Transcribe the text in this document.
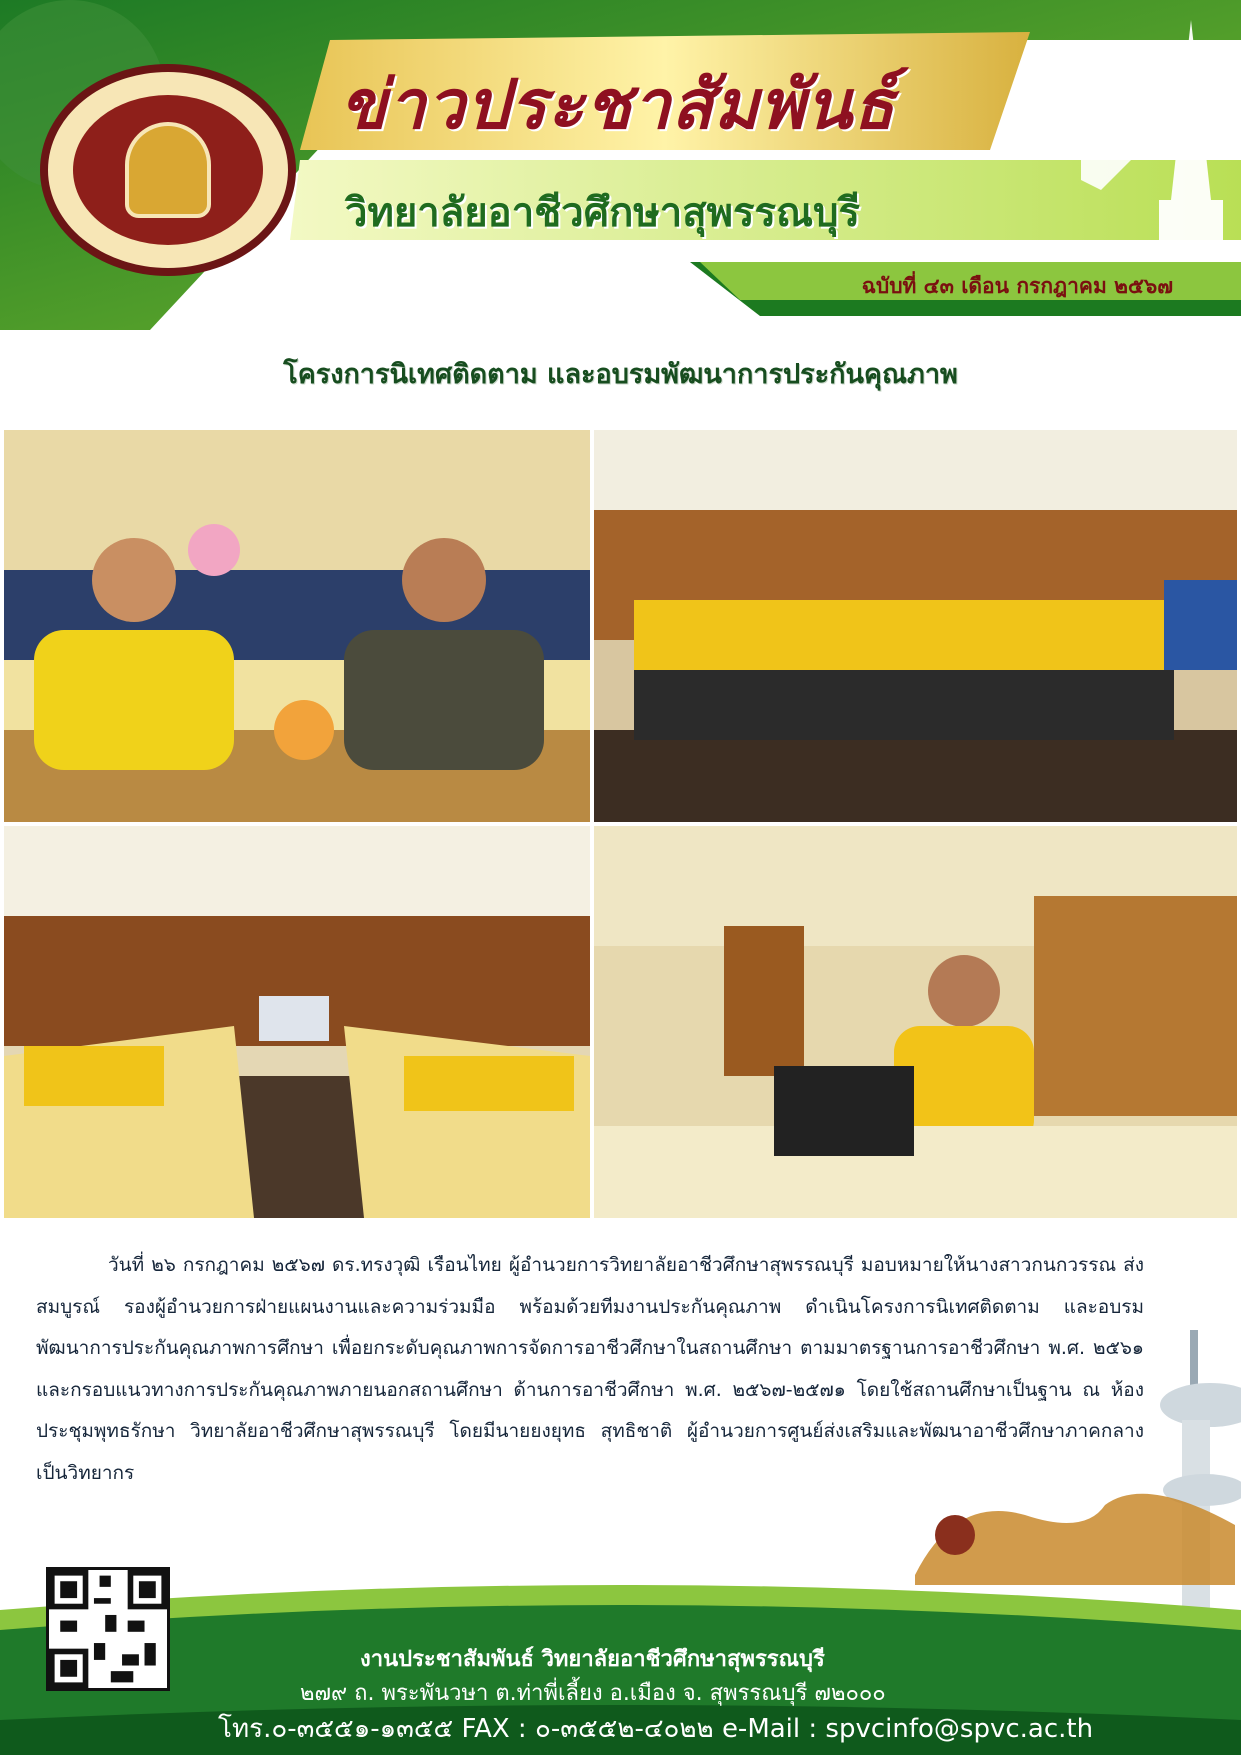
ข่าวประชาสัมพันธ์
วิทยาลัยอาชีวศึกษาสุพรรณบุรี
ฉบับที่ ๔๓ เดือน กรกฎาคม ๒๕๖๗
โครงการนิเทศติดตาม และอบรมพัฒนาการประกันคุณภาพ
วันที่ ๒๖ กรกฎาคม ๒๕๖๗ ดร.ทรงวุฒิ เรือนไทย ผู้อำนวยการวิทยาลัยอาชีวศึกษาสุพรรณบุรี มอบหมายให้นางสาวกนกวรรณ ส่งสมบูรณ์ รองผู้อำนวยการฝ่ายแผนงานและความร่วมมือ พร้อมด้วยทีมงานประกันคุณภาพ ดำเนินโครงการนิเทศติดตาม และอบรมพัฒนาการประกันคุณภาพการศึกษา เพื่อยกระดับคุณภาพการจัดการอาชีวศึกษาในสถานศึกษา ตามมาตรฐานการอาชีวศึกษา พ.ศ. ๒๕๖๑ และกรอบแนวทางการประกันคุณภาพภายนอกสถานศึกษา ด้านการอาชีวศึกษา พ.ศ. ๒๕๖๗-๒๕๗๑ โดยใช้สถานศึกษาเป็นฐาน ณ ห้องประชุมพุทธรักษา วิทยาลัยอาชีวศึกษาสุพรรณบุรี โดยมีนายยงยุทธ สุทธิชาติ ผู้อำนวยการศูนย์ส่งเสริมและพัฒนาอาชีวศึกษาภาคกลาง เป็นวิทยากร
งานประชาสัมพันธ์ วิทยาลัยอาชีวศึกษาสุพรรณบุรี
๒๗๙ ถ. พระพันวษา ต.ท่าพี่เลี้ยง อ.เมือง จ. สุพรรณบุรี ๗๒๐๐๐
โทร.๐-๓๕๕๑-๑๓๕๕ FAX : ๐-๓๕๕๒-๔๐๒๒ e-Mail : spvcinfo@spvc.ac.th
